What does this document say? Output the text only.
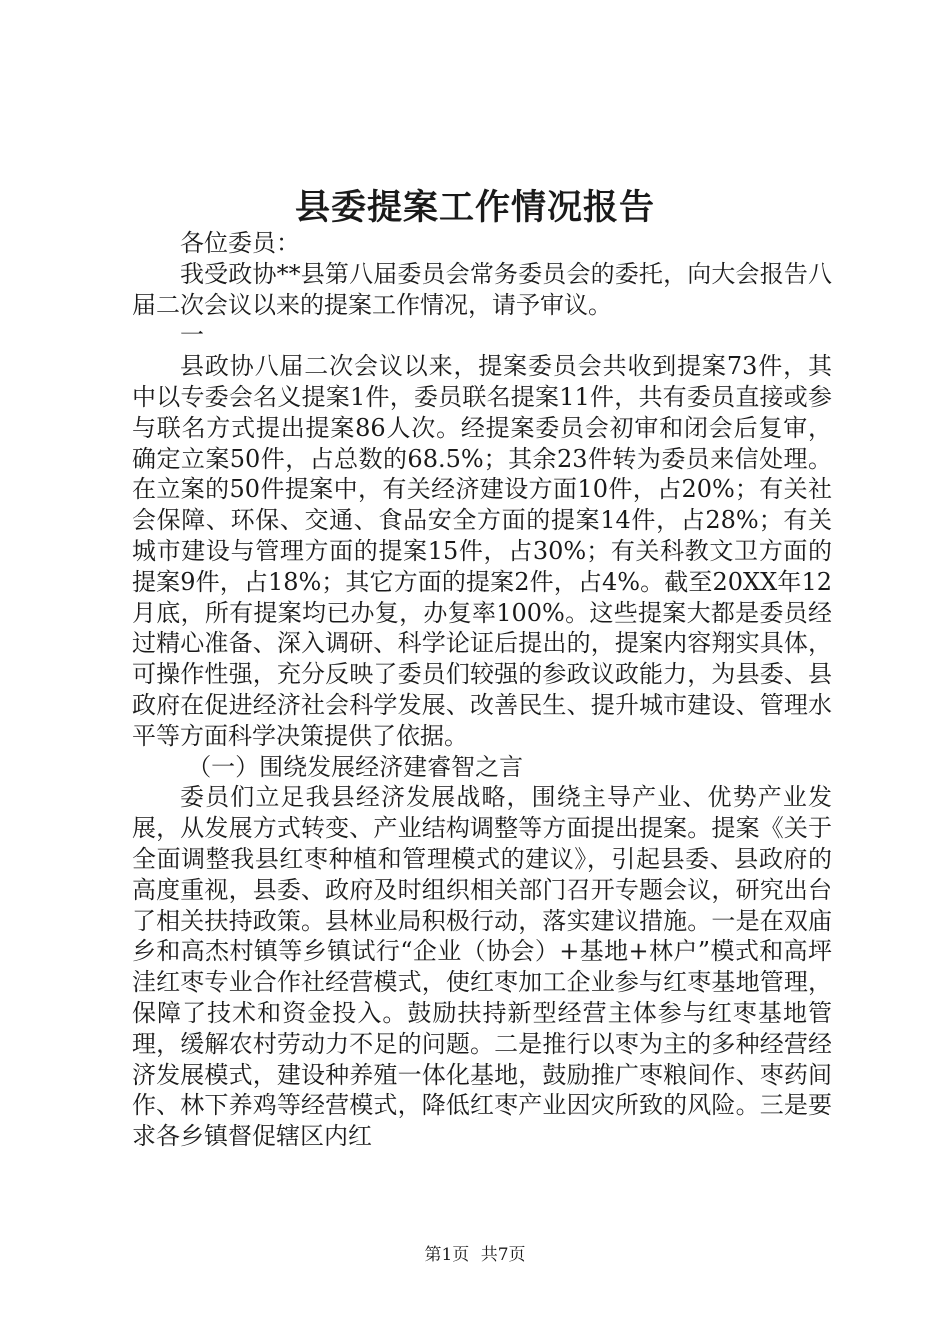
县委提案工作情况报告

各位委员：

我受政协**县第八届委员会常务委员会的委托，向大会报告八届二次会议以来的提案工作情况，请予审议。

一

县政协八届二次会议以来，提案委员会共收到提案73件，其中以专委会名义提案1件，委员联名提案11件，共有委员直接或参与联名方式提出提案86人次。经提案委员会初审和闭会后复审，确定立案50件，占总数的68.5%；其余23件转为委员来信处理。在立案的50件提案中，有关经济建设方面10件，占20%；有关社会保障、环保、交通、食品安全方面的提案14件，占28%；有关城市建设与管理方面的提案15件，占30%；有关科教文卫方面的提案9件，占18%；其它方面的提案2件，占4%。截至20XX年12月底，所有提案均已办复，办复率100%。这些提案大都是委员经过精心准备、深入调研、科学论证后提出的，提案内容翔实具体，可操作性强，充分反映了委员们较强的参政议政能力，为县委、县政府在促进经济社会科学发展、改善民生、提升城市建设、管理水平等方面科学决策提供了依据。

（一）围绕发展经济建睿智之言

委员们立足我县经济发展战略，围绕主导产业、优势产业发展，从发展方式转变、产业结构调整等方面提出提案。提案《关于全面调整我县红枣种植和管理模式的建议》，引起县委、县政府的高度重视，县委、政府及时组织相关部门召开专题会议，研究出台了相关扶持政策。县林业局积极行动，落实建议措施。一是在双庙乡和高杰村镇等乡镇试行“企业（协会）+基地+林户”模式和高坪洼红枣专业合作社经营模式，使红枣加工企业参与红枣基地管理，保障了技术和资金投入。鼓励扶持新型经营主体参与红枣基地管理，缓解农村劳动力不足的问题。二是推行以枣为主的多种经营经济发展模式，建设种养殖一体化基地，鼓励推广枣粮间作、枣药间作、林下养鸡等经营模式，降低红枣产业因灾所致的风险。三是要求各乡镇督促辖区内红

第1页 共7页
